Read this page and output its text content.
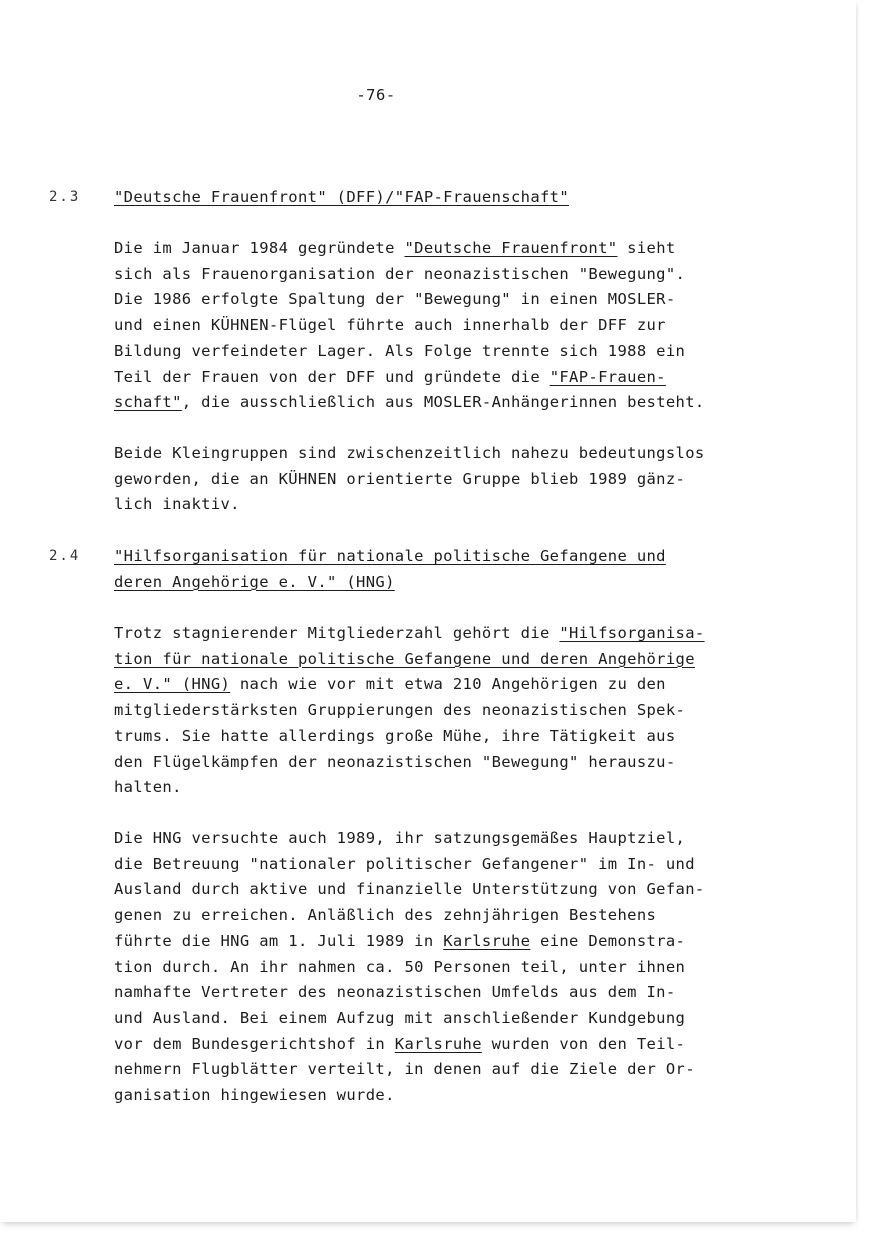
-76-
2.3 "Deutsche Frauenfront" (DFF)/"FAP-Frauenschaft"
Die im Januar 1984 gegründete "Deutsche Frauenfront" sieht
sich als Frauenorganisation der neonazistischen "Bewegung".
Die 1986 erfolgte Spaltung der "Bewegung" in einen MOSLER-
und einen KÜHNEN-Flügel führte auch innerhalb der DFF zur
Bildung verfeindeter Lager. Als Folge trennte sich 1988 ein
Teil der Frauen von der DFF und gründete die "FAP-Frauen-
schaft", die ausschließlich aus MOSLER-Anhängerinnen besteht.
Beide Kleingruppen sind zwischenzeitlich nahezu bedeutungslos
geworden, die an KÜHNEN orientierte Gruppe blieb 1989 gänz-
lich inaktiv.
2.4 "Hilfsorganisation für nationale politische Gefangene und
deren Angehörige e. V." (HNG)
Trotz stagnierender Mitgliederzahl gehört die "Hilfsorganisa-
tion für nationale politische Gefangene und deren Angehörige
e. V." (HNG) nach wie vor mit etwa 210 Angehörigen zu den
mitgliederstärksten Gruppierungen des neonazistischen Spek-
trums. Sie hatte allerdings große Mühe, ihre Tätigkeit aus
den Flügelkämpfen der neonazistischen "Bewegung" herauszu-
halten.
Die HNG versuchte auch 1989, ihr satzungsgemäßes Hauptziel,
die Betreuung "nationaler politischer Gefangener" im In- und
Ausland durch aktive und finanzielle Unterstützung von Gefan-
genen zu erreichen. Anläßlich des zehnjährigen Bestehens
führte die HNG am 1. Juli 1989 in Karlsruhe eine Demonstra-
tion durch. An ihr nahmen ca. 50 Personen teil, unter ihnen
namhafte Vertreter des neonazistischen Umfelds aus dem In-
und Ausland. Bei einem Aufzug mit anschließender Kundgebung
vor dem Bundesgerichtshof in Karlsruhe wurden von den Teil-
nehmern Flugblätter verteilt, in denen auf die Ziele der Or-
ganisation hingewiesen wurde.
